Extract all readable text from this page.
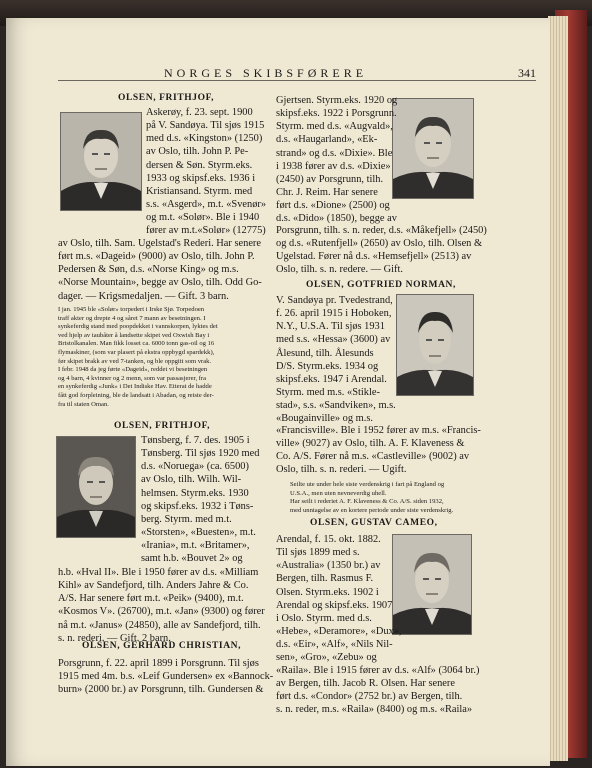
NORGES SKIBSFØRERE	341
OLSEN, FRITHJOF,
Askerøy, f. 23. sept. 1900
på V. Sandøya. Til sjøs 1915
med d.s. «Kingston» (1250)
av Oslo, tilh. John P. Pe-
dersen & Søn. Styrm.eks.
1933 og skipsf.eks. 1936 i
Kristiansand. Styrm. med
s.s. «Asgerd», m.t. «Svenør»
og m.t. «Solør». Ble i 1940
fører av m.t.«Solør» (12775)
av Oslo, tilh. Sam. Ugelstad's Rederi. Har senere
ført m.s. «Dageid» (9000) av Oslo, tilh. John P.
Pedersen & Søn, d.s. «Norse King» og m.s.
«Norse Mountain», begge av Oslo, tilh. Odd Go-
dager. — Krigsmedaljen. — Gift. 3 barn.
I jan. 1945 ble «Solør» torpedert i Irske Sjø. Torpedoen
traff akter og drepte 4 og såret 7 mann av besetningen. I
synkeferdig stand med poopdekket i vannskorpen, lyktes det
ved hjelp av taubåter å landsette skipet ved Oxwish Bay i
Bristolkanalen. Man fikk losset ca. 6000 tonn gas-oil og 16
flymaskiner, (som var plasert på ekstra oppbygd spardekk),
før skipet brakk av ved 7-tanken, og ble oppgitt som vrak.
I febr. 1948 da jeg førte «Dageid», reddet vi besetningen
og 4 barn, 4 kvinner og 2 menn, som var passasjerer, fra
en synkeferdig «Junk» i Det Indiske Hav. Etterat de hadde
fått god forpleining, ble de landsatt i Abadan, og reiste der-
fra til staten Oman.
OLSEN, FRITHJOF,
Tønsberg, f. 7. des. 1905 i
Tønsberg. Til sjøs 1920 med
d.s. «Noruega» (ca. 6500)
av Oslo, tilh. Wilh. Wil-
helmsen. Styrm.eks. 1930
og skipsf.eks. 1932 i Tøns-
berg. Styrm. med m.t.
«Storsten», «Buesten», m.t.
«Irania», m.t. «Britamer»,
samt h.b. «Bouvet 2» og
h.b. «Hval II». Ble i 1950 fører av d.s. «Milliam
Kihl» av Sandefjord, tilh. Anders Jahre & Co.
A/S. Har senere ført m.t. «Peik» (9400), m.t.
«Kosmos V». (26700), m.t. «Jan» (9300) og fører
nå m.t. «Janus» (24850), alle av Sandefjord, tilh.
s. n. rederi. — Gift. 2 barn.
OLSEN, GERHARD CHRISTIAN,
Porsgrunn, f. 22. april 1899 i Porsgrunn. Til sjøs
1915 med 4m. b.s. «Leif Gundersen» ex «Bannock-
burn» (2000 br.) av Porsgrunn, tilh. Gundersen &
Gjertsen. Styrm.eks. 1920 og
skipsf.eks. 1922 i Porsgrunn.
Styrm. med d.s. «Augvald»,
d.s. «Haugarland», «Ek-
strand» og d.s. «Dixie». Ble
i 1938 fører av d.s. «Dixie»
(2450) av Porsgrunn, tilh.
Chr. J. Reim. Har senere
ført d.s. «Dione» (2500) og
d.s. «Dido» (1850), begge av
Porsgrunn, tilh. s. n. reder, d.s. «Måkefjell» (2450)
og d.s. «Rutenfjell» (2650) av Oslo, tilh. Olsen &
Ugelstad. Fører nå d.s. «Hemsefjell» (2513) av
Oslo, tilh. s. n. redere. — Gift.
OLSEN, GOTFRIED NORMAN,
V. Sandøya pr. Tvedestrand,
f. 26. april 1915 i Hoboken,
N.Y., U.S.A. Til sjøs 1931
med s.s. «Hessa» (3600) av
Ålesund, tilh. Ålesunds
D/S. Styrm.eks. 1934 og
skipsf.eks. 1947 i Arendal.
Styrm. med m.s. «Stikle-
stad», s.s. «Sandviken», m.s.
«Bougainville» og m.s.
«Francisville». Ble i 1952 fører av m.s. «Francis-
ville» (9027) av Oslo, tilh. A. F. Klaveness &
Co. A/S. Fører nå m.s. «Castleville» (9002) av
Oslo, tilh. s. n. rederi. — Ugift.
Seilte ute under hele siste verdenskrig i fart på England og
U.S.A., men uten nevneverdig uhell.
Har seilt i rederiet A. F. Klaveness & Co. A/S. siden 1932,
med unntagelse av en kortere periode under siste verdenskrig.
OLSEN, GUSTAV CAMEO,
Arendal, f. 15. okt. 1882.
Til sjøs 1899 med s.
«Australia» (1350 br.) av
Bergen, tilh. Rasmus F.
Olsen. Styrm.eks. 1902 i
Arendal og skipsf.eks. 1907
i Oslo. Styrm. med d.s.
«Hebe», «Deramore», «Dux»,
d.s. «Eir», «Alf», «Nils Nil-
sen», «Gro», «Zebu» og
«Raila». Ble i 1915 fører av d.s. «Alf» (3064 br.)
av Bergen, tilh. Jacob R. Olsen. Har senere
ført d.s. «Condor» (2752 br.) av Bergen, tilh.
s. n. reder, m.s. «Raila» (8400) og m.s. «Raila»
